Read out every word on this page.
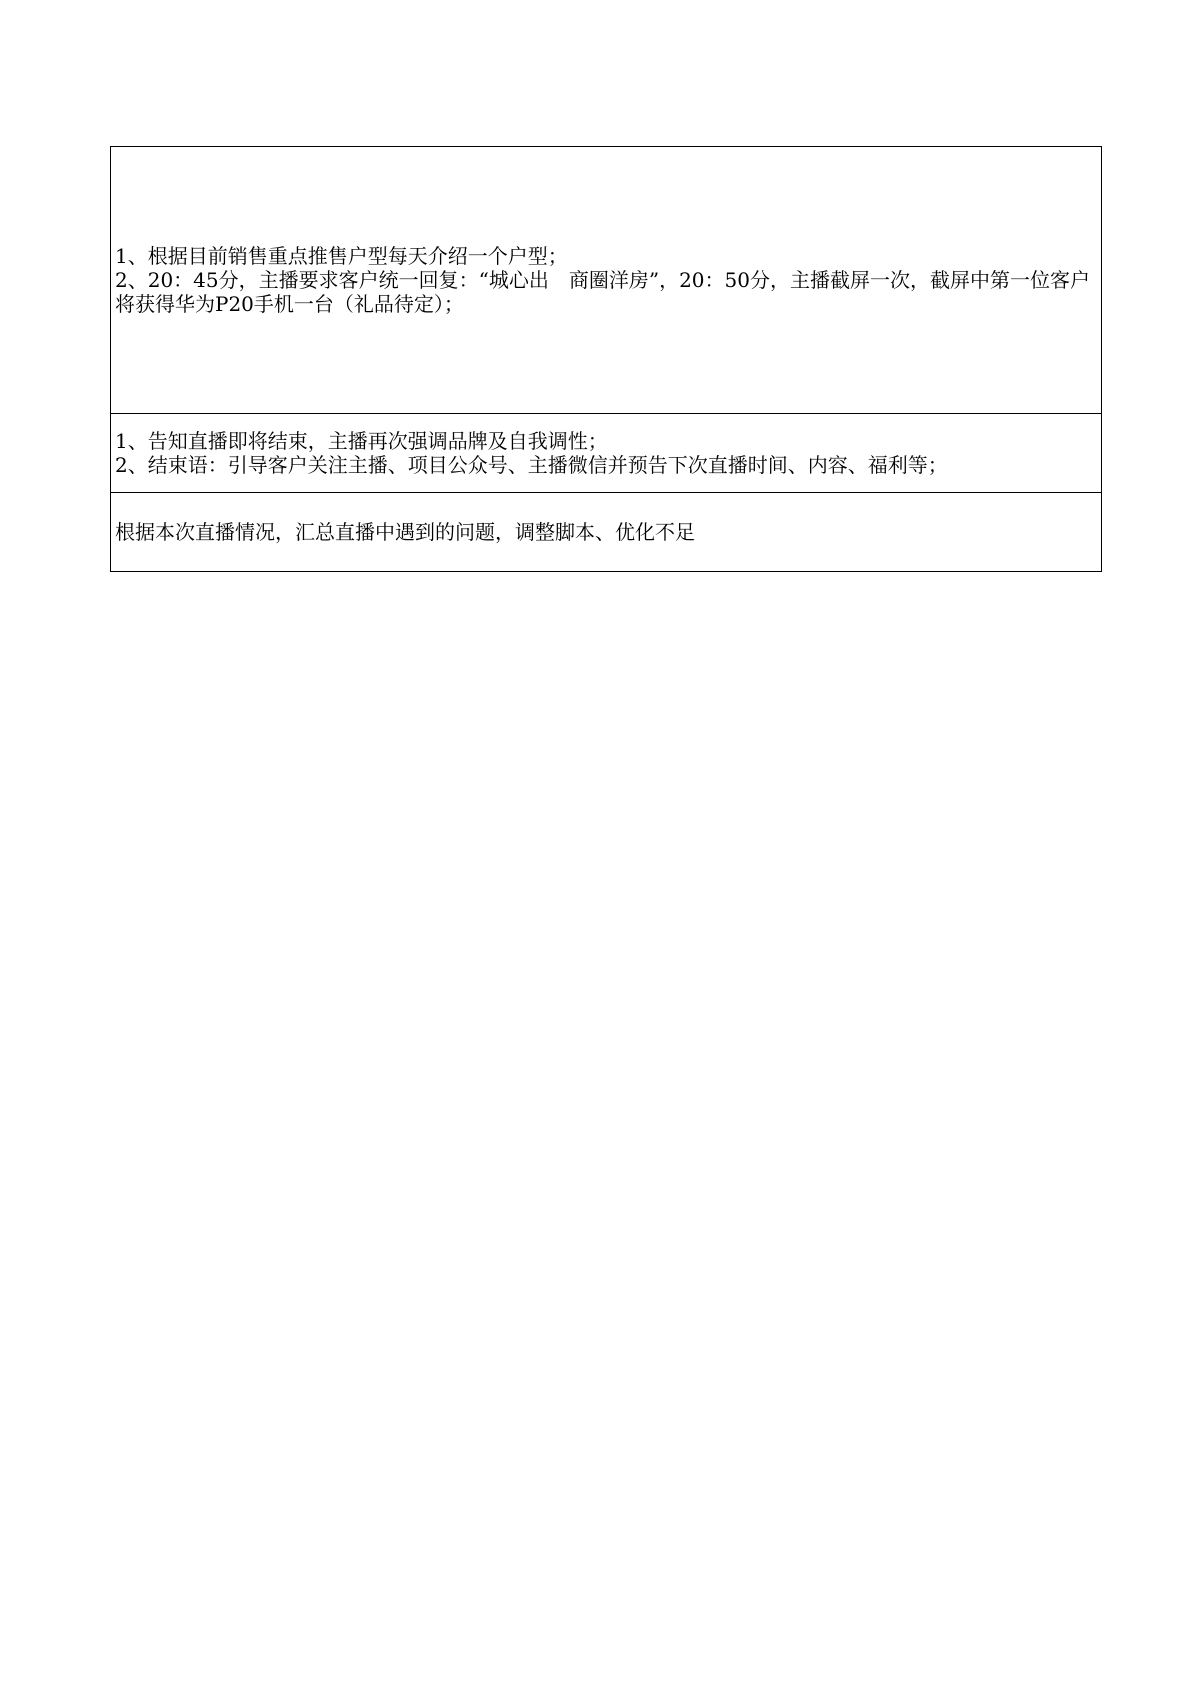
1、根据目前销售重点推售户型每天介绍一个户型；
2、20：45分，主播要求客户统一回复：“城心出　商圈洋房”，20：50分，主播截屏一次，截屏中第一位客户将获得华为P20手机一台（礼品待定）；

1、告知直播即将结束，主播再次强调品牌及自我调性；
2、结束语：引导客户关注主播、项目公众号、主播微信并预告下次直播时间、内容、福利等；

根据本次直播情况，汇总直播中遇到的问题，调整脚本、优化不足
